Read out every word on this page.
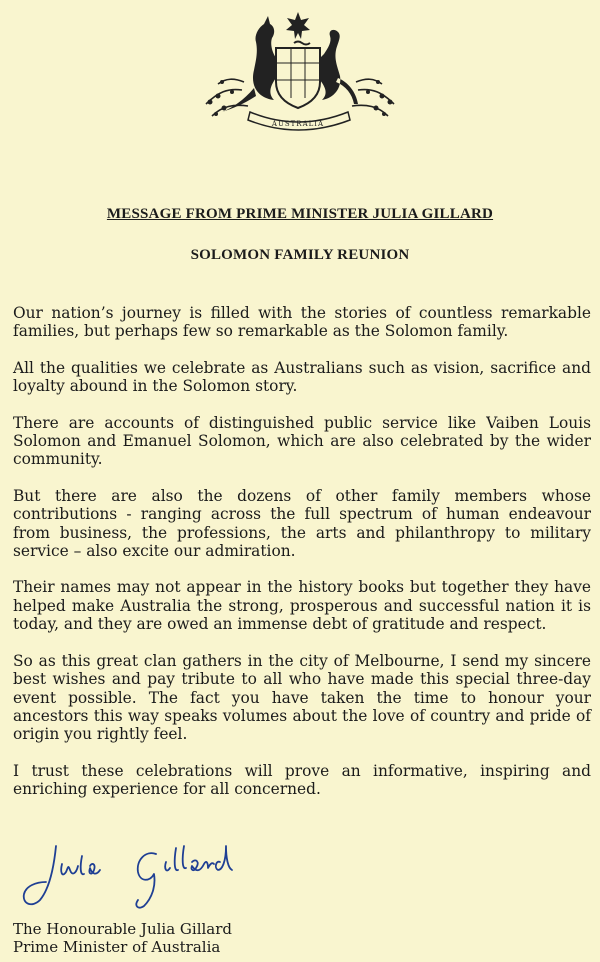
AUSTRALIA
MESSAGE FROM PRIME MINISTER JULIA GILLARD
SOLOMON FAMILY REUNION

Our nation’s journey is filled with the stories of countless remarkable families, but perhaps few so remarkable as the Solomon family.

All the qualities we celebrate as Australians such as vision, sacrifice and loyalty abound in the Solomon story.

There are accounts of distinguished public service like Vaiben Louis Solomon and Emanuel Solomon, which are also celebrated by the wider community.

But there are also the dozens of other family members whose contributions - ranging across the full spectrum of human endeavour from business, the professions, the arts and philanthropy to military service – also excite our admiration.

Their names may not appear in the history books but together they have helped make Australia the strong, prosperous and successful nation it is today, and they are owed an immense debt of gratitude and respect.

So as this great clan gathers in the city of Melbourne, I send my sincere best wishes and pay tribute to all who have made this special three-day event possible. The fact you have taken the time to honour your ancestors this way speaks volumes about the love of country and pride of origin you rightly feel.

I trust these celebrations will prove an informative, inspiring and enriching experience for all concerned.

The Honourable Julia Gillard
Prime Minister of Australia
